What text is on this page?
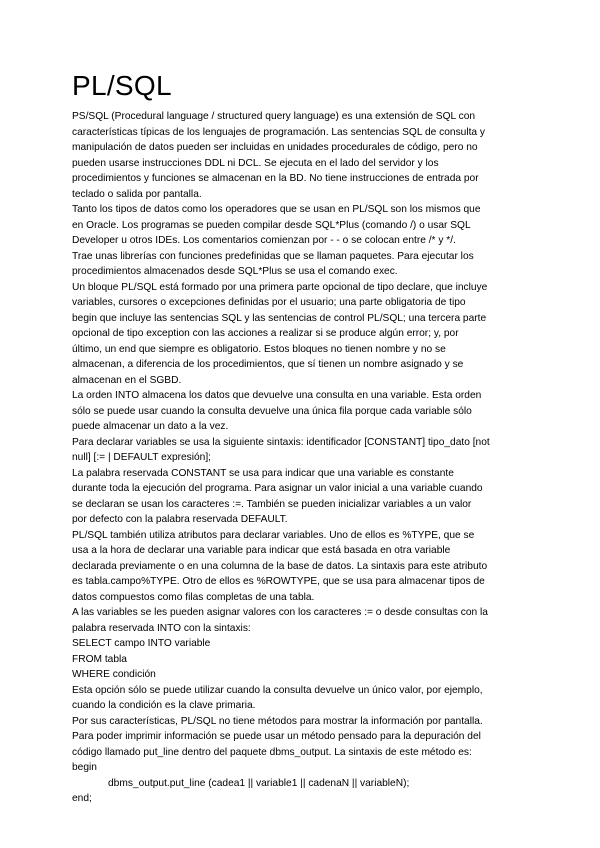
PL/SQL

PS/SQL (Procedural language / structured query language) es una extensión de SQL con
características típicas de los lenguajes de programación. Las sentencias SQL de consulta y
manipulación de datos pueden ser incluidas en unidades procedurales de código, pero no
pueden usarse instrucciones DDL ni DCL. Se ejecuta en el lado del servidor y los
procedimientos y funciones se almacenan en la BD. No tiene instrucciones de entrada por
teclado o salida por pantalla.

Tanto los tipos de datos como los operadores que se usan en PL/SQL son los mismos que
en Oracle. Los programas se pueden compilar desde SQL*Plus (comando /) o usar SQL
Developer u otros IDEs. Los comentarios comienzan por - - o se colocan entre /* y */.

Trae unas librerías con funciones predefinidas que se llaman paquetes. Para ejecutar los
procedimientos almacenados desde SQL*Plus se usa el comando exec.

Un bloque PL/SQL está formado por una primera parte opcional de tipo declare, que incluye
variables, cursores o excepciones definidas por el usuario; una parte obligatoria de tipo
begin que incluye las sentencias SQL y las sentencias de control PL/SQL; una tercera parte
opcional de tipo exception con las acciones a realizar si se produce algún error; y, por
último, un end que siempre es obligatorio. Estos bloques no tienen nombre y no se
almacenan, a diferencia de los procedimientos, que sí tienen un nombre asignado y se
almacenan en el SGBD.

La orden INTO almacena los datos que devuelve una consulta en una variable. Esta orden
sólo se puede usar cuando la consulta devuelve una única fila porque cada variable sólo
puede almacenar un dato a la vez.

Para declarar variables se usa la siguiente sintaxis: identificador [CONSTANT] tipo_dato [not
null] [:= | DEFAULT expresión];

La palabra reservada CONSTANT se usa para indicar que una variable es constante
durante toda la ejecución del programa. Para asignar un valor inicial a una variable cuando
se declaran se usan los caracteres :=. También se pueden inicializar variables a un valor
por defecto con la palabra reservada DEFAULT.

PL/SQL también utiliza atributos para declarar variables. Uno de ellos es %TYPE, que se
usa a la hora de declarar una variable para indicar que está basada en otra variable
declarada previamente o en una columna de la base de datos. La sintaxis para este atributo
es tabla.campo%TYPE. Otro de ellos es %ROWTYPE, que se usa para almacenar tipos de
datos compuestos como filas completas de una tabla.

A las variables se les pueden asignar valores con los caracteres := o desde consultas con la
palabra reservada INTO con la sintaxis:

SELECT campo INTO variable

FROM tabla

WHERE condición

Esta opción sólo se puede utilizar cuando la consulta devuelve un único valor, por ejemplo,
cuando la condición es la clave primaria.

Por sus características, PL/SQL no tiene métodos para mostrar la información por pantalla.

Para poder imprimir información se puede usar un método pensado para la depuración del
código llamado put_line dentro del paquete dbms_output. La sintaxis de este método es:

begin

dbms_output.put_line (cadea1 || variable1 || cadenaN || variableN);

end;
